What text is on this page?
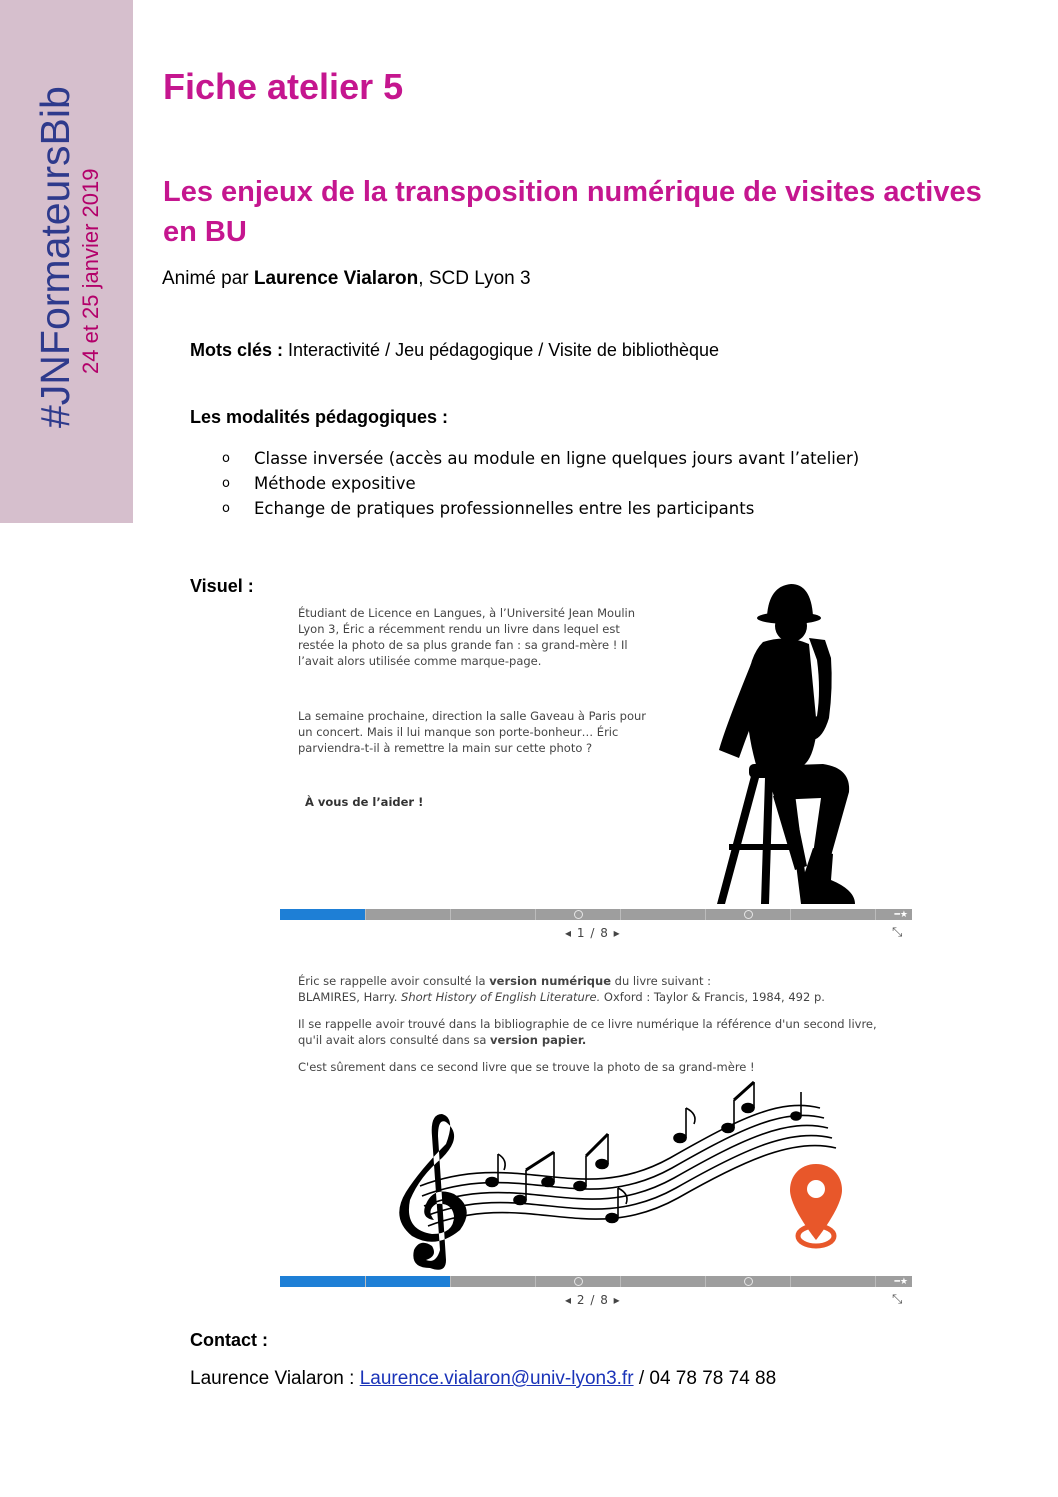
#JNFormateursBib 24 et 25 janvier 2019
Fiche atelier 5
Les enjeux de la transposition numérique de visites actives en BU
Animé par Laurence Vialaron, SCD Lyon 3
Mots clés : Interactivité / Jeu pédagogique / Visite de bibliothèque
Les modalités pédagogiques :
o	Classe inversée (accès au module en ligne quelques jours avant l’atelier)
o	Méthode expositive
o	Echange de pratiques professionnelles entre les participants
Visuel :
Étudiant de Licence en Langues, à l’Université Jean Moulin Lyon 3, Éric a récemment rendu un livre dans lequel est restée la photo de sa plus grande fan : sa grand-mère ! Il l’avait alors utilisée comme marque-page.
La semaine prochaine, direction la salle Gaveau à Paris pour un concert. Mais il lui manque son porte-bonheur… Éric parviendra-t-il à remettre la main sur cette photo ?
À vous de l’aider !
━★
◂ 1 / 8 ▸	⤡
Éric se rappelle avoir consulté la version numérique du livre suivant :
BLAMIRES, Harry. Short History of English Literature. Oxford : Taylor & Francis, 1984, 492 p.
Il se rappelle avoir trouvé dans la bibliographie de ce livre numérique la référence d'un second livre, qu'il avait alors consulté dans sa version papier.
C'est sûrement dans ce second livre que se trouve la photo de sa grand-mère !
━★
◂ 2 / 8 ▸	⤡
Contact :
Laurence Vialaron : Laurence.vialaron@univ-lyon3.fr / 04 78 78 74 88
